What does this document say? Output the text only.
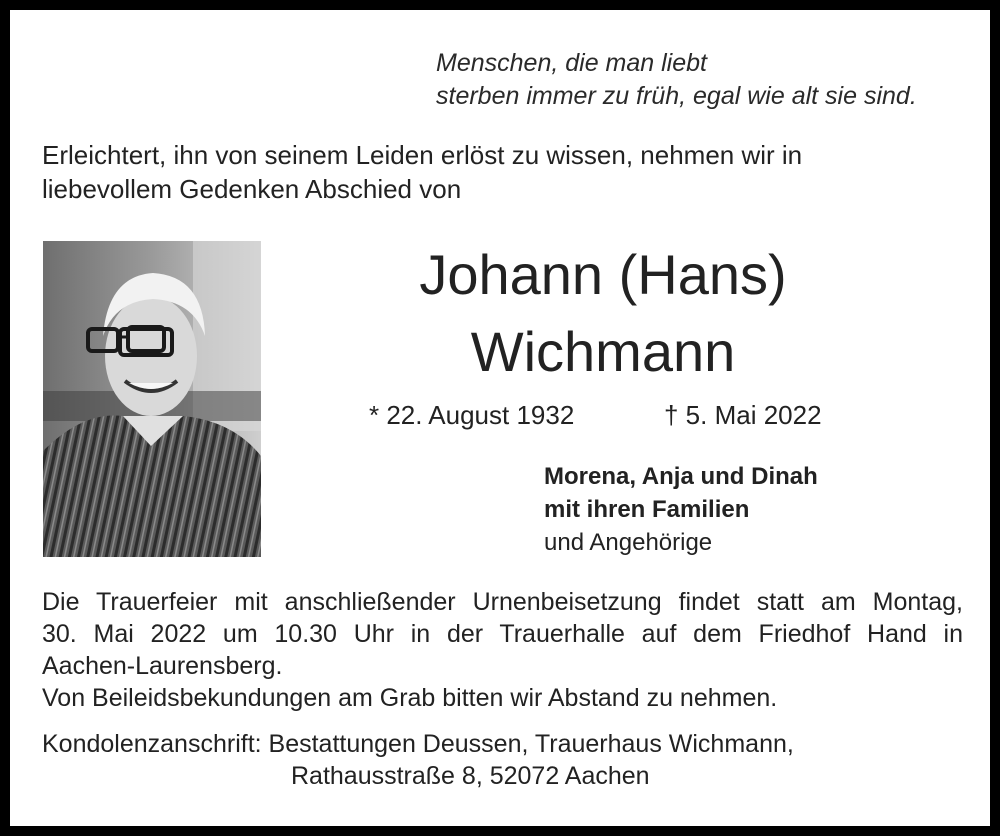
Menschen, die man liebt
sterben immer zu früh, egal wie alt sie sind.
Erleichtert, ihn von seinem Leiden erlöst zu wissen, nehmen wir in
liebevollem Gedenken Abschied von
Johann (Hans)
Wichmann
* 22. August 1932	† 5. Mai 2022
Morena, Anja und Dinah
mit ihren Familien
und Angehörige
Die Trauerfeier mit anschließender Urnenbeisetzung findet statt am Montag,
30. Mai 2022 um 10.30 Uhr in der Trauerhalle auf dem Friedhof Hand in
Aachen-Laurensberg.
Von Beileidsbekundungen am Grab bitten wir Abstand zu nehmen.
Kondolenzanschrift: Bestattungen Deussen, Trauerhaus Wichmann,
Rathausstraße 8, 52072 Aachen
